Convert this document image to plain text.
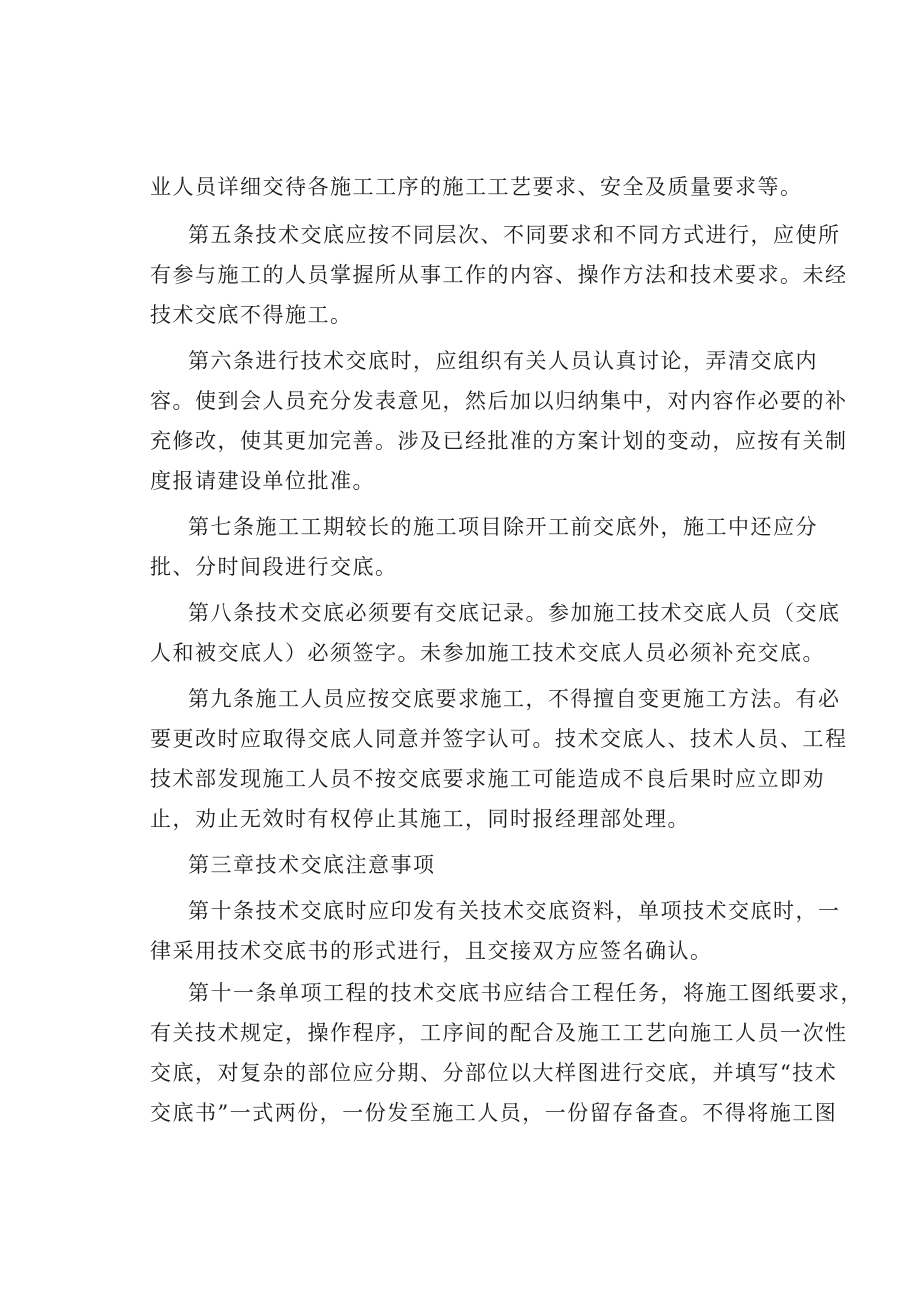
业人员详细交待各施工工序的施工工艺要求、安全及质量要求等。
第五条技术交底应按不同层次、不同要求和不同方式进行，应使所
有参与施工的人员掌握所从事工作的内容、操作方法和技术要求。未经
技术交底不得施工。
第六条进行技术交底时，应组织有关人员认真讨论，弄清交底内
容。使到会人员充分发表意见，然后加以归纳集中，对内容作必要的补
充修改，使其更加完善。涉及已经批准的方案计划的变动，应按有关制
度报请建设单位批准。
第七条施工工期较长的施工项目除开工前交底外，施工中还应分
批、分时间段进行交底。
第八条技术交底必须要有交底记录。参加施工技术交底人员（交底
人和被交底人）必须签字。未参加施工技术交底人员必须补充交底。
第九条施工人员应按交底要求施工，不得擅自变更施工方法。有必
要更改时应取得交底人同意并签字认可。技术交底人、技术人员、工程
技术部发现施工人员不按交底要求施工可能造成不良后果时应立即劝
止，劝止无效时有权停止其施工，同时报经理部处理。
第三章技术交底注意事项
第十条技术交底时应印发有关技术交底资料，单项技术交底时，一
律采用技术交底书的形式进行，且交接双方应签名确认。
第十一条单项工程的技术交底书应结合工程任务，将施工图纸要求，
有关技术规定，操作程序，工序间的配合及施工工艺向施工人员一次性
交底，对复杂的部位应分期、分部位以大样图进行交底，并填写“技术
交底书”一式两份，一份发至施工人员，一份留存备查。不得将施工图
